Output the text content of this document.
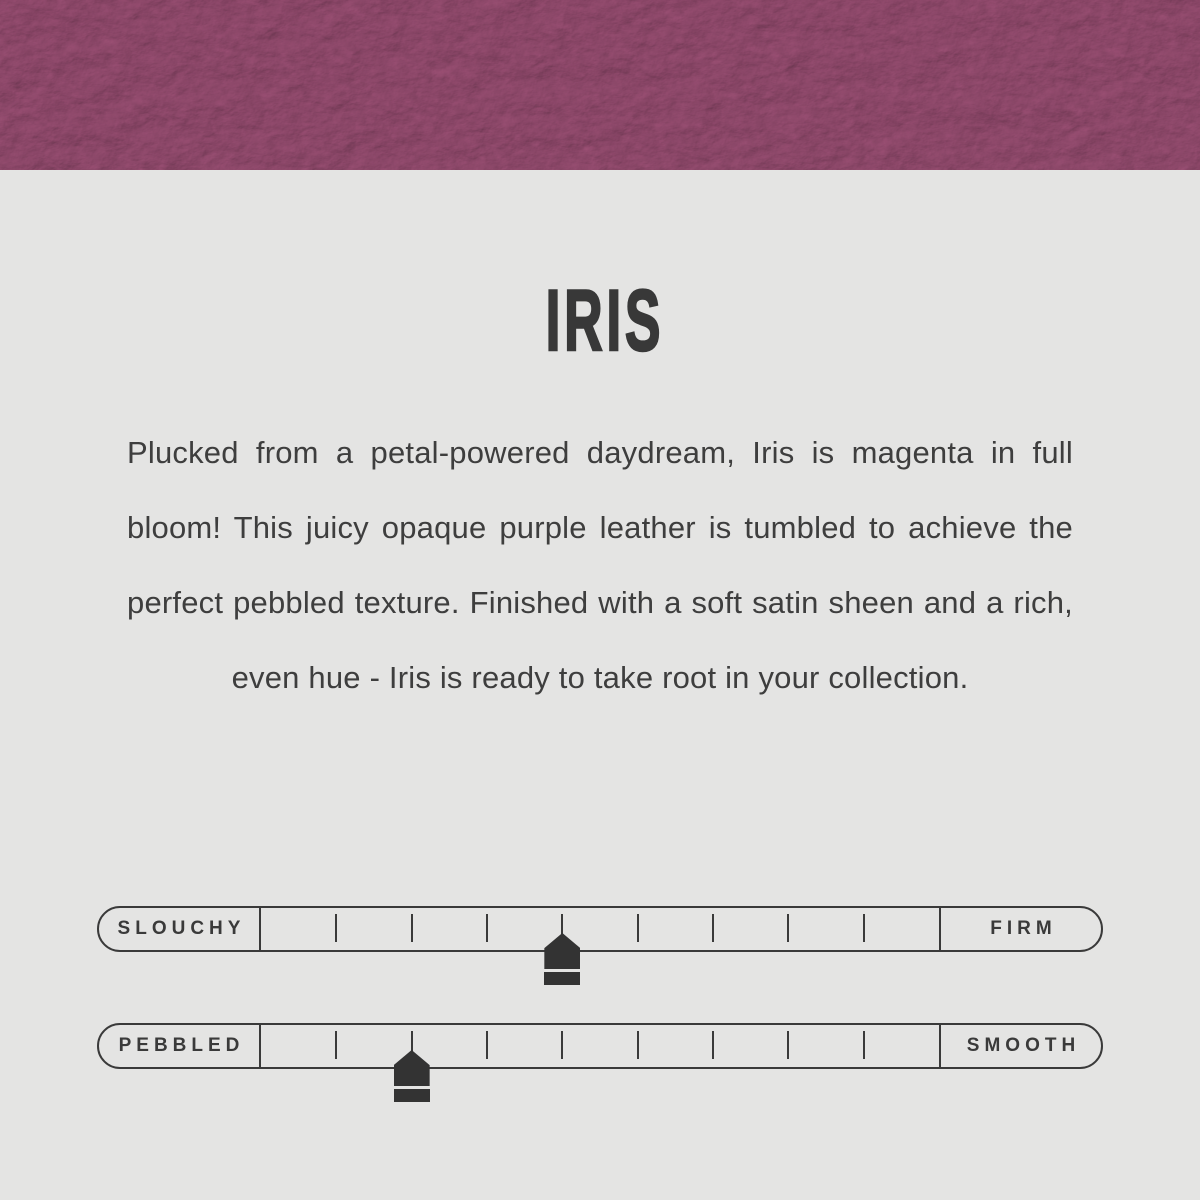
IRIS
Plucked from a petal-powered daydream, Iris is magenta in full
bloom! This juicy opaque purple leather is tumbled to achieve the
perfect pebbled texture. Finished with a soft satin sheen and a rich,
even hue - Iris is ready to take root in your collection.
SLOUCHY	FIRM
PEBBLED	SMOOTH
